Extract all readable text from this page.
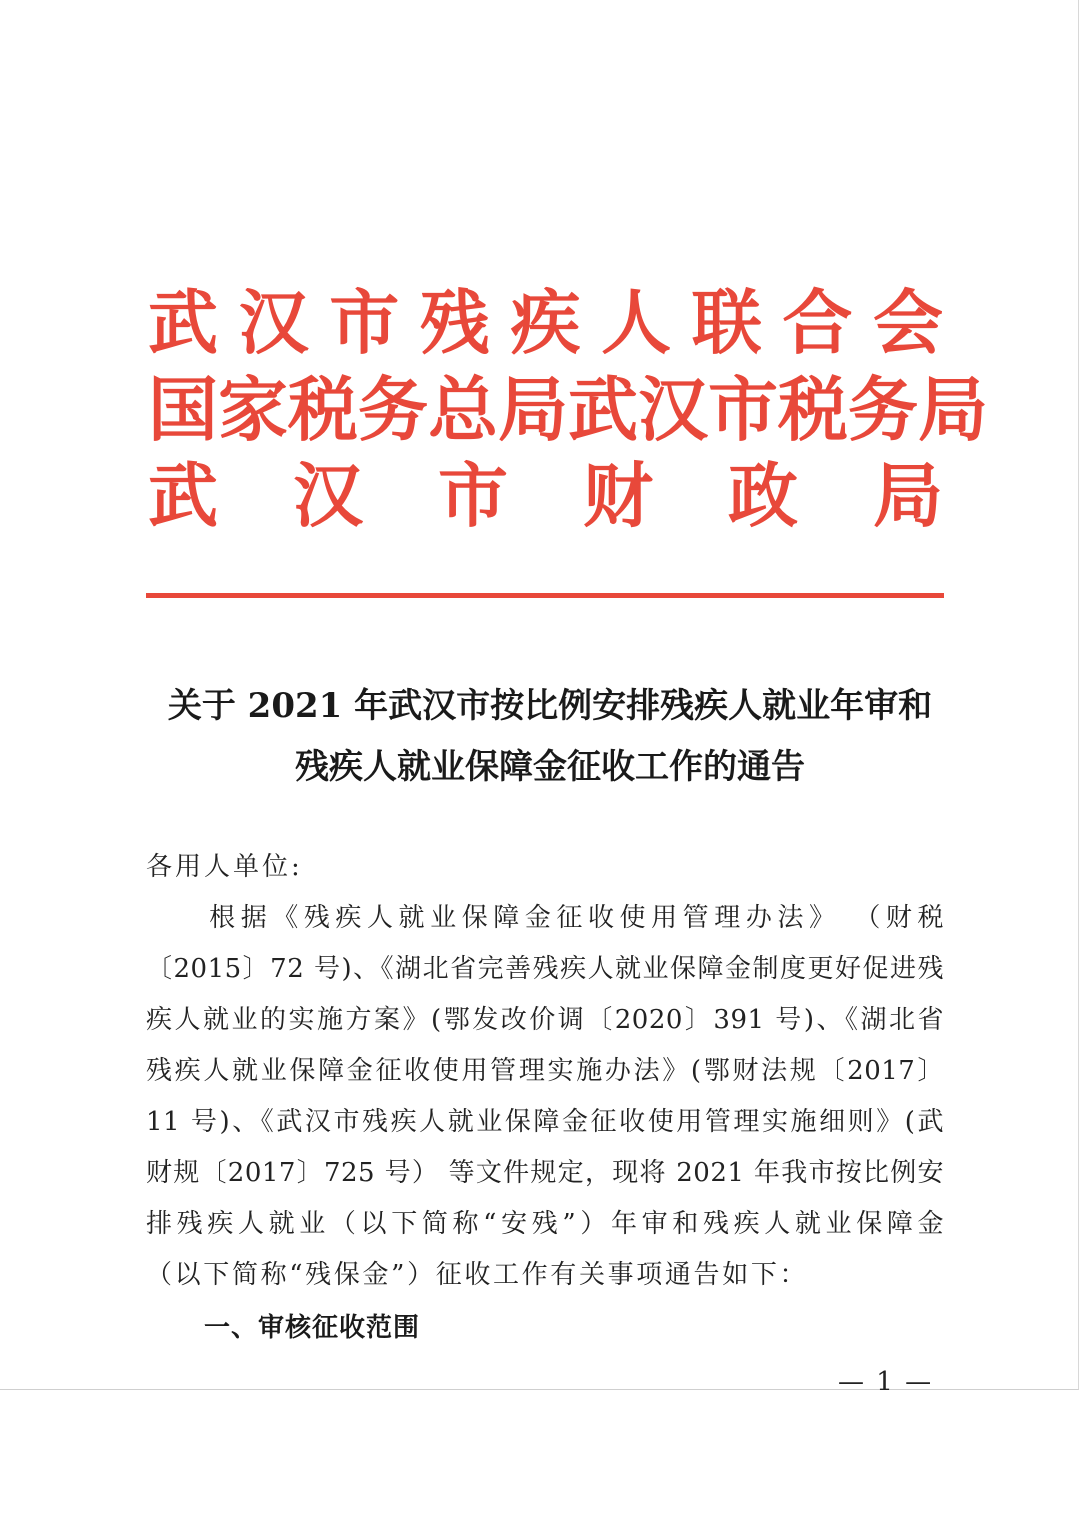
武 汉 市 残 疾 人 联 合 会
国 家 税 务 总 局 武 汉 市 税 务 局
武 汉 市 财 政 局
关于 2021 年武汉市按比例安排残疾人就业年审和
残疾人就业保障金征收工作的通告
各用人单位:
　　根据《残疾人就业保障金征收使用管理办法》 （财税
〔2015〕72 号)、《湖北省完善残疾人就业保障金制度更好促进残
疾人就业的实施方案》(鄂发改价调〔2020〕391 号)、《湖北省
残疾人就业保障金征收使用管理实施办法》(鄂财法规〔2017〕
11 号)、《武汉市残疾人就业保障金征收使用管理实施细则》(武
财规〔2017〕725 号） 等文件规定，现将 2021 年我市按比例安
排残疾人就业（以下简称“安残”）年审和残疾人就业保障金
（以下简称“残保金”）征收工作有关事项通告如下：
一、审核征收范围
— 1 —
